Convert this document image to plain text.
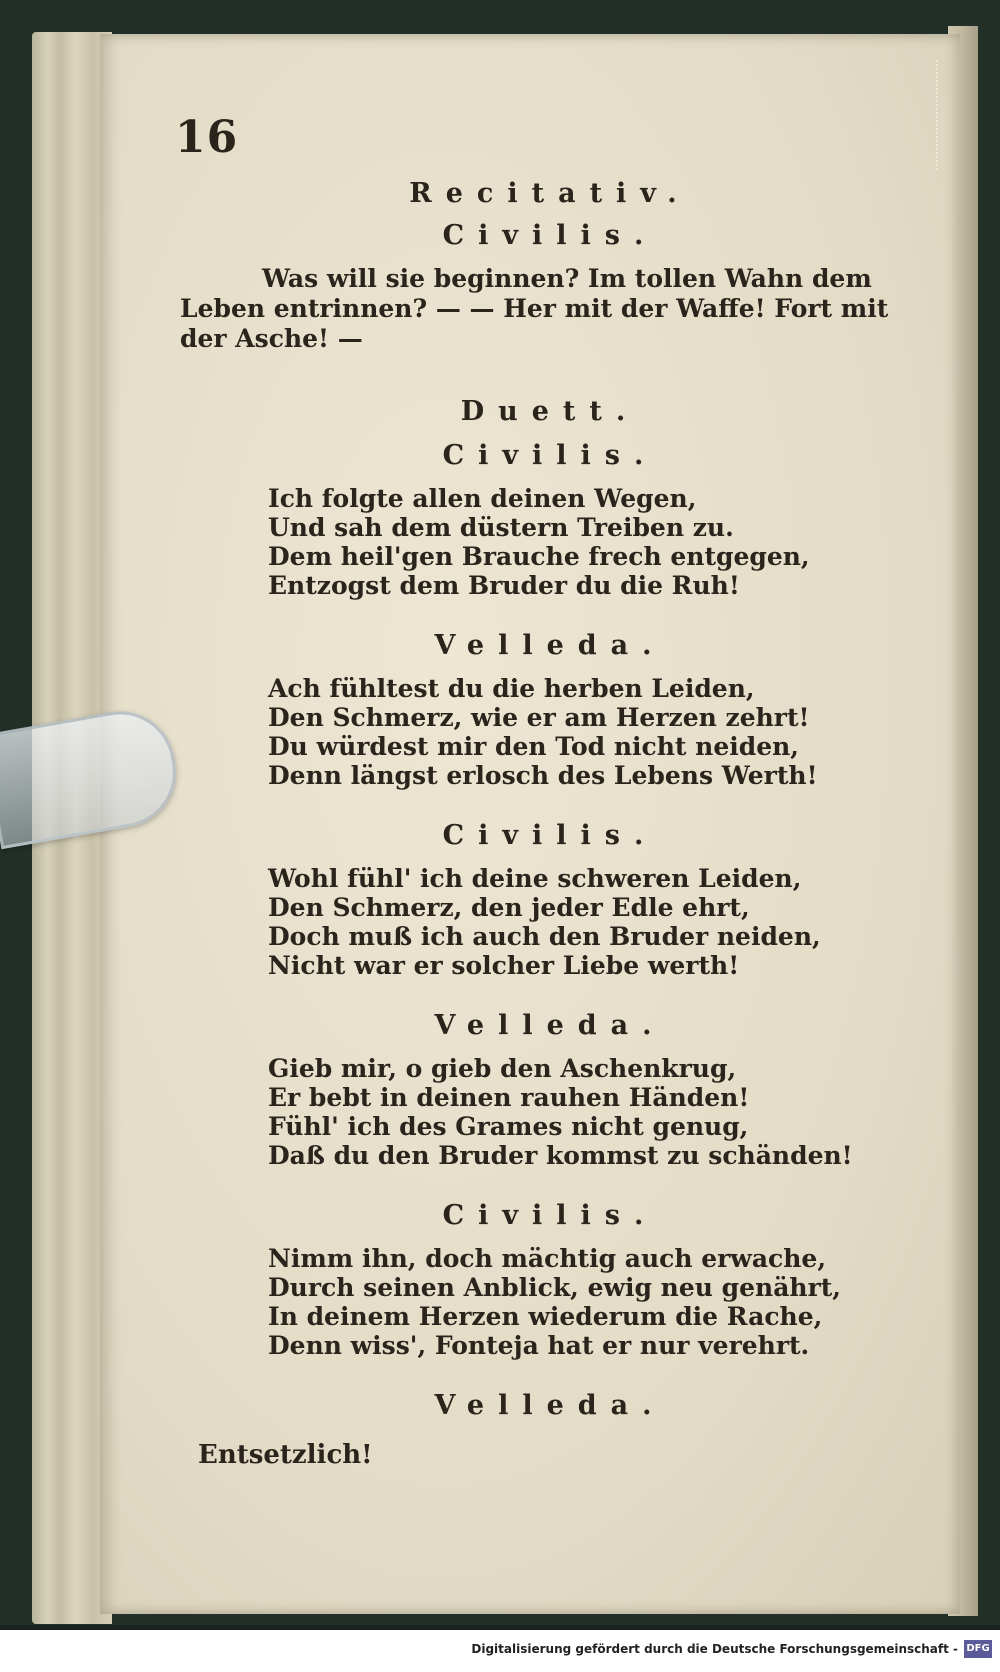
16
Recitativ.
Civilis.
Was will sie beginnen? Im tollen Wahn dem
Leben entrinnen? — — Her mit der Waffe! Fort mit
der Asche! —
Duett.
Civilis.
Ich folgte allen deinen Wegen,
Und sah dem düstern Treiben zu.
Dem heil'gen Brauche frech entgegen,
Entzogst dem Bruder du die Ruh!
Velleda.
Ach fühltest du die herben Leiden,
Den Schmerz, wie er am Herzen zehrt!
Du würdest mir den Tod nicht neiden,
Denn längst erlosch des Lebens Werth!
Civilis.
Wohl fühl' ich deine schweren Leiden,
Den Schmerz, den jeder Edle ehrt,
Doch muß ich auch den Bruder neiden,
Nicht war er solcher Liebe werth!
Velleda.
Gieb mir, o gieb den Aschenkrug,
Er bebt in deinen rauhen Händen!
Fühl' ich des Grames nicht genug,
Daß du den Bruder kommst zu schänden!
Civilis.
Nimm ihn, doch mächtig auch erwache,
Durch seinen Anblick, ewig neu genährt,
In deinem Herzen wiederum die Rache,
Denn wiss', Fonteja hat er nur verehrt.
Velleda.
Entsetzlich!
Digitalisierung gefördert durch die Deutsche Forschungsgemeinschaft - DFG
